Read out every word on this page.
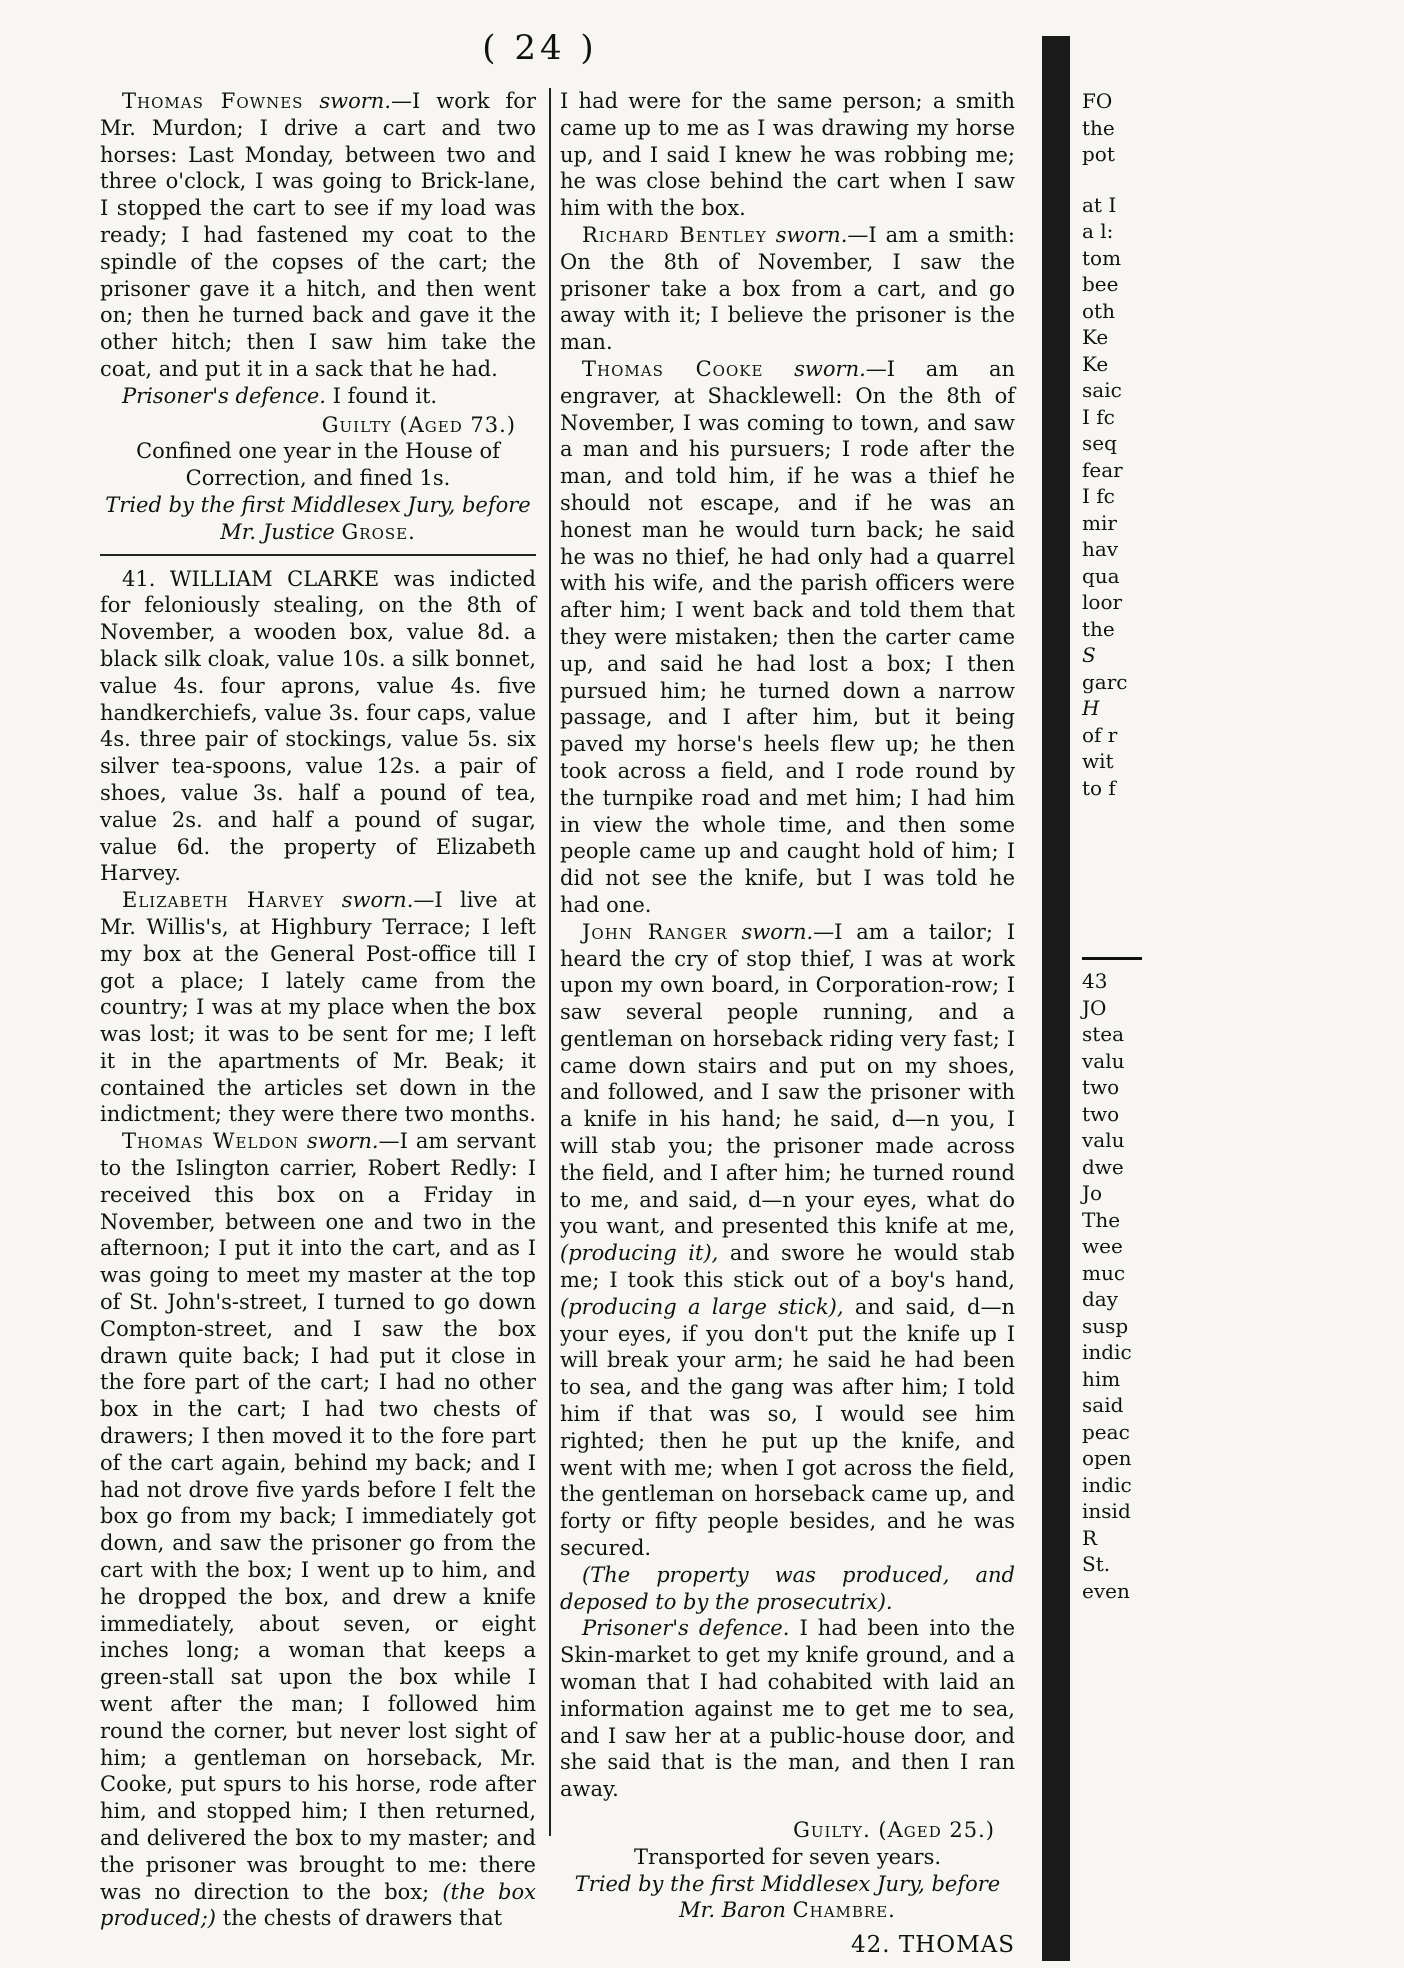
( 24 )

Thomas Fownes sworn.—I work for Mr. Murdon; I drive a cart and two horses: Last Monday, between two and three o'clock, I was going to Brick-lane, I stopped the cart to see if my load was ready; I had fastened my coat to the spindle of the copses of the cart; the prisoner gave it a hitch, and then went on; then he turned back and gave it the other hitch; then I saw him take the coat, and put it in a sack that he had.

Prisoner's defence. I found it.

Guilty (Aged 73.)

Confined one year in the House of Correction, and fined 1s.

Tried by the first Middlesex Jury, before

Mr. Justice Grose.

41. WILLIAM CLARKE was indicted for feloniously stealing, on the 8th of November, a wooden box, value 8d. a black silk cloak, value 10s. a silk bonnet, value 4s. four aprons, value 4s. five handkerchiefs, value 3s. four caps, value 4s. three pair of stockings, value 5s. six silver tea-spoons, value 12s. a pair of shoes, value 3s. half a pound of tea, value 2s. and half a pound of sugar, value 6d. the property of Elizabeth Harvey.

Elizabeth Harvey sworn.—I live at Mr. Willis's, at Highbury Terrace; I left my box at the General Post-office till I got a place; I lately came from the country; I was at my place when the box was lost; it was to be sent for me; I left it in the apartments of Mr. Beak; it contained the articles set down in the indictment; they were there two months.

Thomas Weldon sworn.—I am servant to the Islington carrier, Robert Redly: I received this box on a Friday in November, between one and two in the afternoon; I put it into the cart, and as I was going to meet my master at the top of St. John's-street, I turned to go down Compton-street, and I saw the box drawn quite back; I had put it close in the fore part of the cart; I had no other box in the cart; I had two chests of drawers; I then moved it to the fore part of the cart again, behind my back; and I had not drove five yards before I felt the box go from my back; I immediately got down, and saw the prisoner go from the cart with the box; I went up to him, and he dropped the box, and drew a knife immediately, about seven, or eight inches long; a woman that keeps a green-stall sat upon the box while I went after the man; I followed him round the corner, but never lost sight of him; a gentleman on horseback, Mr. Cooke, put spurs to his horse, rode after him, and stopped him; I then returned, and delivered the box to my master; and the prisoner was brought to me: there was no direction to the box; (the box produced;) the chests of drawers that

I had were for the same person; a smith came up to me as I was drawing my horse up, and I said I knew he was robbing me; he was close behind the cart when I saw him with the box.

Richard Bentley sworn.—I am a smith: On the 8th of November, I saw the prisoner take a box from a cart, and go away with it; I believe the prisoner is the man.

Thomas Cooke sworn.—I am an engraver, at Shacklewell: On the 8th of November, I was coming to town, and saw a man and his pursuers; I rode after the man, and told him, if he was a thief he should not escape, and if he was an honest man he would turn back; he said he was no thief, he had only had a quarrel with his wife, and the parish officers were after him; I went back and told them that they were mistaken; then the carter came up, and said he had lost a box; I then pursued him; he turned down a narrow passage, and I after him, but it being paved my horse's heels flew up; he then took across a field, and I rode round by the turnpike road and met him; I had him in view the whole time, and then some people came up and caught hold of him; I did not see the knife, but I was told he had one.

John Ranger sworn.—I am a tailor; I heard the cry of stop thief, I was at work upon my own board, in Corporation-row; I saw several people running, and a gentleman on horseback riding very fast; I came down stairs and put on my shoes, and followed, and I saw the prisoner with a knife in his hand; he said, d—n you, I will stab you; the prisoner made across the field, and I after him; he turned round to me, and said, d—n your eyes, what do you want, and presented this knife at me, (producing it), and swore he would stab me; I took this stick out of a boy's hand, (producing a large stick), and said, d—n your eyes, if you don't put the knife up I will break your arm; he said he had been to sea, and the gang was after him; I told him if that was so, I would see him righted; then he put up the knife, and went with me; when I got across the field, the gentleman on horseback came up, and forty or fifty people besides, and he was secured.

(The property was produced, and deposed to by the prosecutrix).

Prisoner's defence. I had been into the Skin-market to get my knife ground, and a woman that I had cohabited with laid an information against me to get me to sea, and I saw her at a public-house door, and she said that is the man, and then I ran away.

Guilty. (Aged 25.)

Transported for seven years.

Tried by the first Middlesex Jury, before

Mr. Baron Chambre.

42. THOMAS
FO
the
pot
at I
a l:
tom
bee
oth
Ke
Ke
saic
I fc
seq
fear
I fc
mir
hav
qua
loor
the
S
garc
H
of r
wit
to f
43
JO
stea
valu
two
two
valu
dwe
Jo
The
wee
muc
day
susp
indic
him
said
peac
open
indic
insid
R
St.
even
